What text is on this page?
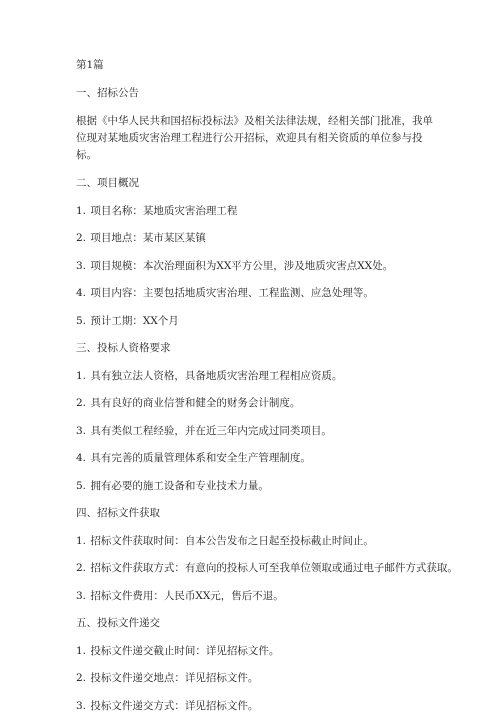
第1篇

一、招标公告

根据《中华人民共和国招标投标法》及相关法律法规，经相关部门批准，我单位现对某地质灾害治理工程进行公开招标，欢迎具有相关资质的单位参与投标。

二、项目概况

1. 项目名称：某地质灾害治理工程

2. 项目地点：某市某区某镇

3. 项目规模：本次治理面积为XX平方公里，涉及地质灾害点XX处。

4. 项目内容：主要包括地质灾害治理、工程监测、应急处理等。

5. 预计工期：XX个月

三、投标人资格要求

1. 具有独立法人资格，具备地质灾害治理工程相应资质。

2. 具有良好的商业信誉和健全的财务会计制度。

3. 具有类似工程经验，并在近三年内完成过同类项目。

4. 具有完善的质量管理体系和安全生产管理制度。

5. 拥有必要的施工设备和专业技术力量。

四、招标文件获取

1. 招标文件获取时间：自本公告发布之日起至投标截止时间止。

2. 招标文件获取方式：有意向的投标人可至我单位领取或通过电子邮件方式获取。

3. 招标文件费用：人民币XX元，售后不退。

五、投标文件递交

1. 投标文件递交截止时间：详见招标文件。

2. 投标文件递交地点：详见招标文件。

3. 投标文件递交方式：详见招标文件。
